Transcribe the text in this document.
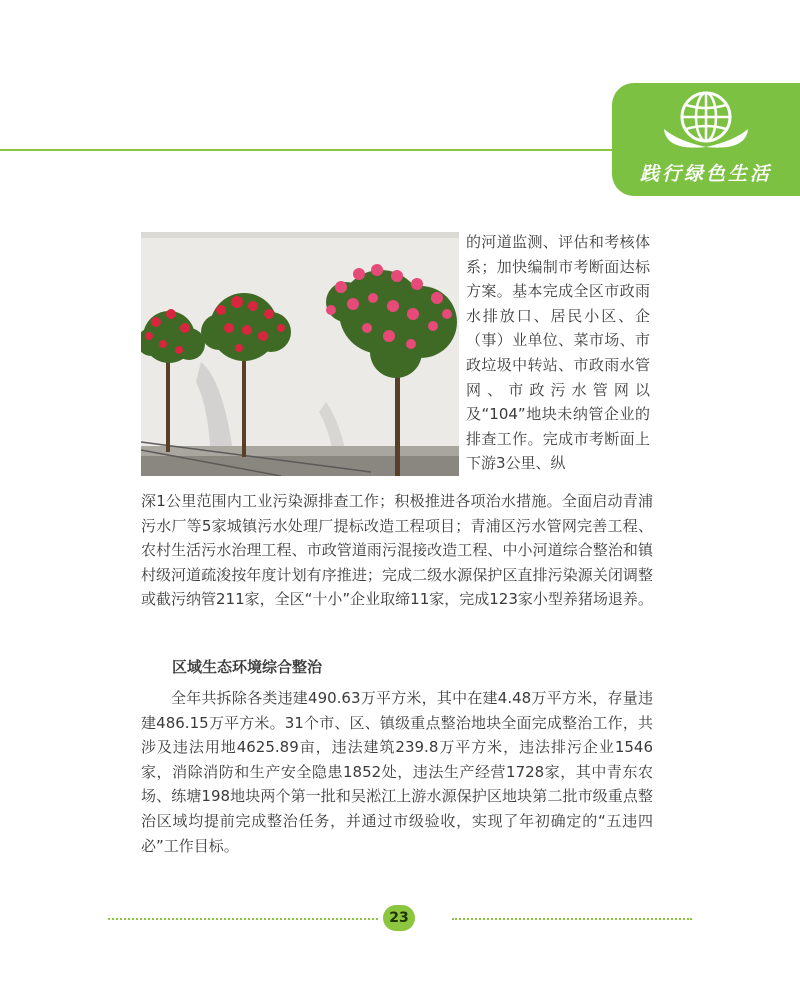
践行绿色生活

的河道监测、评估和考核体系；加快编制市考断面达标方案。基本完成全区市政雨水排放口、居民小区、企（事）业单位、菜市场、市政垃圾中转站、市政雨水管网、市政污水管网以及“104”地块未纳管企业的排查工作。完成市考断面上下游3公里、纵

深1公里范围内工业污染源排查工作；积极推进各项治水措施。全面启动青浦污水厂等5家城镇污水处理厂提标改造工程项目；青浦区污水管网完善工程、农村生活污水治理工程、市政管道雨污混接改造工程、中小河道综合整治和镇村级河道疏浚按年度计划有序推进；完成二级水源保护区直排污染源关闭调整或截污纳管211家，全区“十小”企业取缔11家，完成123家小型养猪场退养。

区域生态环境综合整治

全年共拆除各类违建490.63万平方米，其中在建4.48万平方米，存量违建486.15万平方米。31个市、区、镇级重点整治地块全面完成整治工作，共涉及违法用地4625.89亩，违法建筑239.8万平方米，违法排污企业1546家，消除消防和生产安全隐患1852处，违法生产经营1728家，其中青东农场、练塘198地块两个第一批和吴淞江上游水源保护区地块第二批市级重点整治区域均提前完成整治任务，并通过市级验收，实现了年初确定的“五违四必”工作目标。

23
